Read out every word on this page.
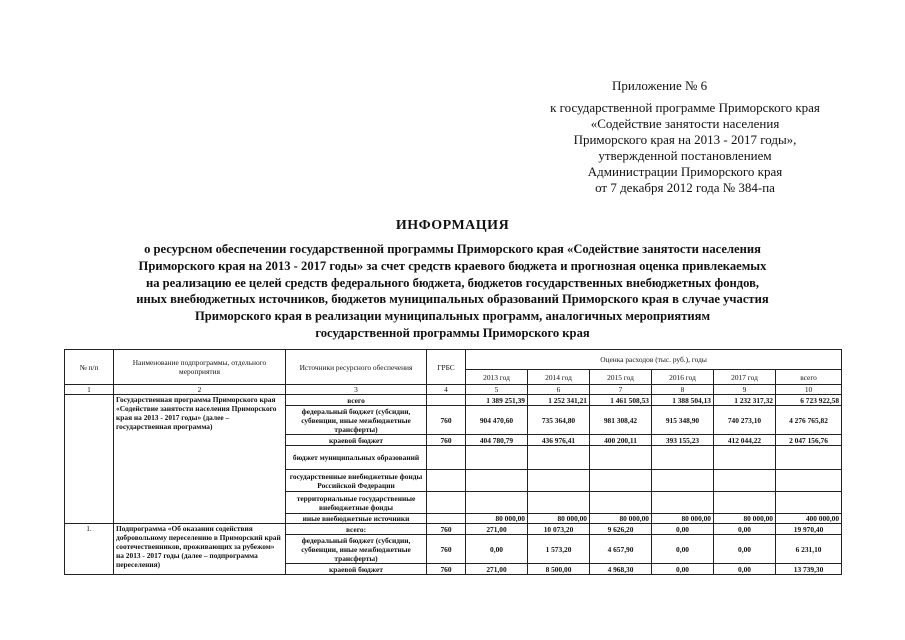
Приложение № 6
к государственной программе Приморского края
«Содействие занятости населения
Приморского края на 2013 - 2017 годы»,
утвержденной постановлением
Администрации Приморского края
от 7 декабря 2012 года № 384-па
ИНФОРМАЦИЯ
о ресурсном обеспечении государственной программы Приморского края «Содействие занятости населения
Приморского края на 2013 - 2017 годы» за счет средств краевого бюджета и прогнозная оценка привлекаемых
на реализацию ее целей средств федерального бюджета, бюджетов государственных внебюджетных фондов,
иных внебюджетных источников, бюджетов муниципальных образований Приморского края в случае участия
Приморского края в реализации муниципальных программ, аналогичных мероприятиям
государственной программы Приморского края
№ п/п	Наименование подпрограммы, отдельного мероприятия	Источники ресурсного обеспечения	ГРБС	Оценка расходов (тыс. руб.), годы					
				2013 год	2014 год	2015 год	2016 год	2017 год	всего
1	2	3	4	5	6	7	8	9	10
	Государственная программа Приморского края «Содействие занятости населения Приморского края на 2013 - 2017 годы» (далее – государственная программа)	всего		1 389 251,39	1 252 341,21	1 461 508,53	1 388 504,13	1 232 317,32	6 723 922,58
		федеральный бюджет (субсидии, субвенции, иные межбюджетные трансферты)	760	904 470,60	735 364,80	981 308,42	915 348,90	740 273,10	4 276 765,82
		краевой бюджет	760	404 780,79	436 976,41	400 200,11	393 155,23	412 044,22	2 047 156,76
		бюджет муниципальных образований							
		государственные внебюджетные фонды Российской Федерации							
		территориальные государственные внебюджетные фонды							
		иные внебюджетные источники		80 000,00	80 000,00	80 000,00	80 000,00	80 000,00	400 000,00
1.	Подпрограмма «Об оказании содействия добровольному переселению в Приморский край соотечественников, проживающих за рубежом» на 2013 - 2017 годы (далее – подпрограмма переселения)	всего:	760	271,00	10 073,20	9 626,20	0,00	0,00	19 970,40
		федеральный бюджет (субсидии, субвенции, иные межбюджетные трансферты)	760	0,00	1 573,20	4 657,90	0,00	0,00	6 231,10
		краевой бюджет	760	271,00	8 500,00	4 968,30	0,00	0,00	13 739,30
